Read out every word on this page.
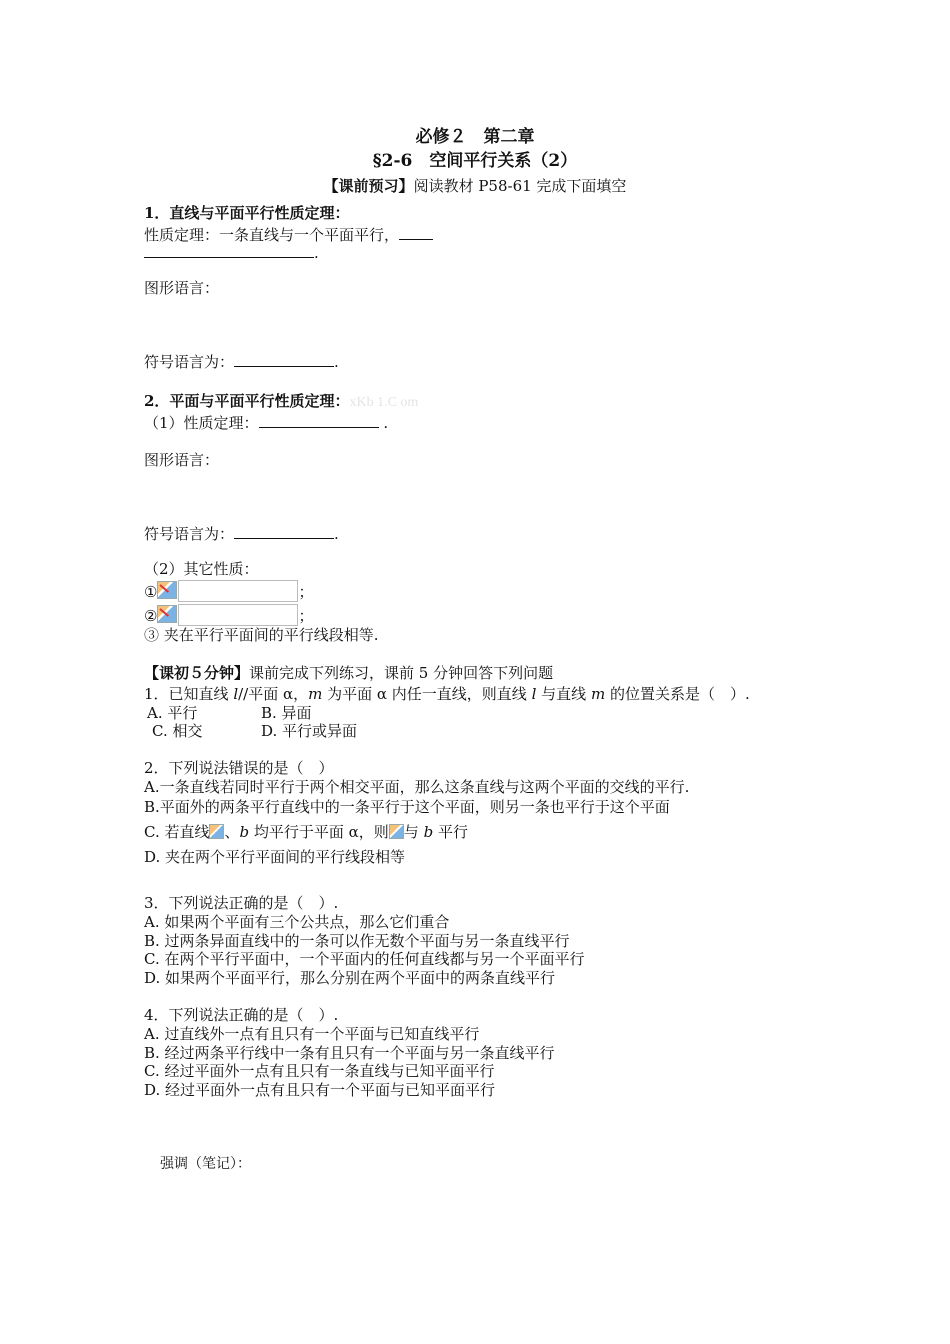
必修２　第二章
§2-6　空间平行关系（2）
【课前预习】阅读教材 P58-61 完成下面填空
1．直线与平面平行性质定理：
性质定理：一条直线与一个平面平行，
.
图形语言：
符号语言为：	.
2．平面与平面平行性质定理：xKb 1.C om
（1）性质定理：	.
图形语言：
符号语言为：	.
（2）其它性质：
①	；
②	；
③ 夹在平行平面间的平行线段相等.
【课初５分钟】课前完成下列练习，课前 5 分钟回答下列问题
1．已知直线 l//平面 α，m 为平面 α 内任一直线，则直线 l 与直线 m 的位置关系是（　）.
A. 平行	B. 异面
C. 相交	D. 平行或异面
2．下列说法错误的是（　）
A.一条直线若同时平行于两个相交平面，那么这条直线与这两个平面的交线的平行.
B.平面外的两条平行直线中的一条平行于这个平面，则另一条也平行于这个平面
C. 若直线 、b 均平行于平面 α，则 与 b 平行
D. 夹在两个平行平面间的平行线段相等
3．下列说法正确的是（　）.
A. 如果两个平面有三个公共点，那么它们重合
B. 过两条异面直线中的一条可以作无数个平面与另一条直线平行
C. 在两个平行平面中，一个平面内的任何直线都与另一个平面平行
D. 如果两个平面平行，那么分别在两个平面中的两条直线平行
4．下列说法正确的是（　）.
A. 过直线外一点有且只有一个平面与已知直线平行
B. 经过两条平行线中一条有且只有一个平面与另一条直线平行
C. 经过平面外一点有且只有一条直线与已知平面平行
D. 经过平面外一点有且只有一个平面与已知平面平行
强调（笔记）：
